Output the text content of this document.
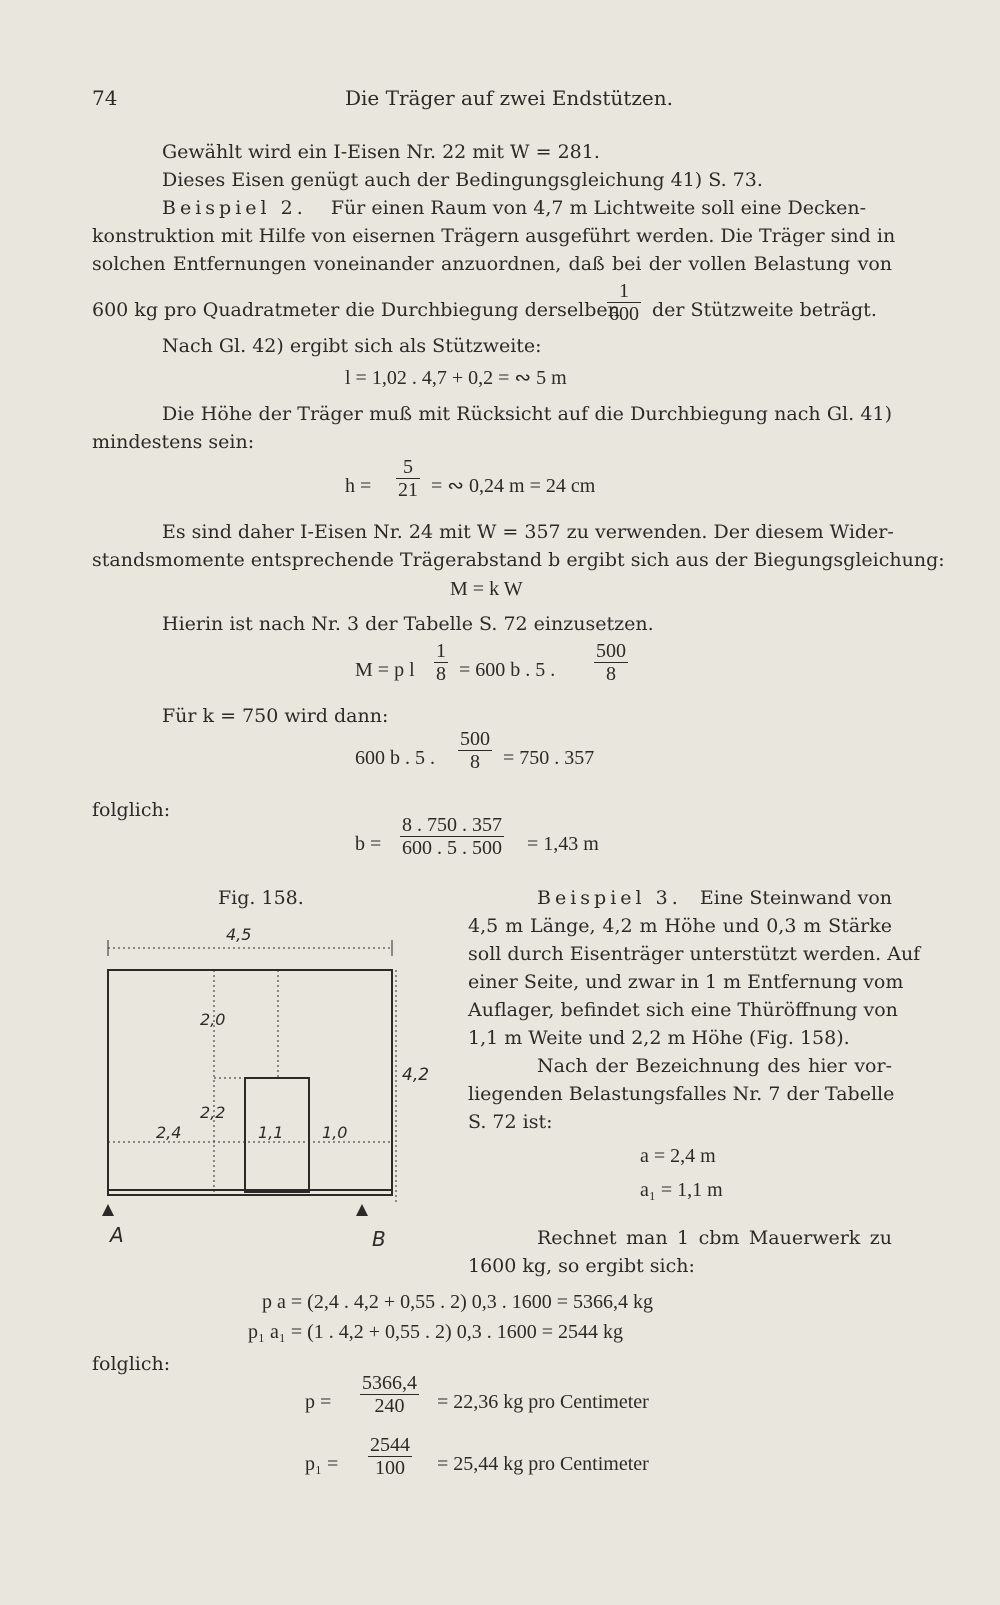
74	Die Träger auf zwei Endstützen.
Gewählt wird ein I-Eisen Nr. 22 mit W = 281.
Dieses Eisen genügt auch der Bedingungsgleichung 41) S. 73.
Beispiel 2. Für einen Raum von 4,7 m Lichtweite soll eine Decken-
konstruktion mit Hilfe von eisernen Trägern ausgeführt werden. Die Träger sind in
solchen Entfernungen voneinander anzuordnen, daß bei der vollen Belastung von
600 kg pro Quadratmeter die Durchbiegung derselben
$\frac{1}{600}$ der Stützweite beträgt.
Nach Gl. 42) ergibt sich als Stützweite:
l = 1,02 . 4,7 + 0,2 = ∾ 5 m
Die Höhe der Träger muß mit Rücksicht auf die Durchbiegung nach Gl. 41)
mindestens sein:
$h = \frac{5}{21}$ = ∾ 0,24 m = 24 cm
Es sind daher I-Eisen Nr. 24 mit W = 357 zu verwenden. Der diesem Wider-
standsmomente entsprechende Trägerabstand b ergibt sich aus der Biegungsgleichung:
M = k W
Hierin ist nach Nr. 3 der Tabelle S. 72 einzusetzen.
M = p l $\frac{1}{8} = 600$ b . 5 . $\frac{500}{8}$
Für k = 750 wird dann:
600 b . 5 . $\frac{500}{8} = 750$ . 357
folglich:
$b = \frac{8 . 750 . 357}{600 . 5 . 500} = 1,43$ m
Fig. 158.
4,5
4,2
2,0
2,2
2,4	1,1 1,0
A	B
Beispiel 3. Eine Steinwand von
4,5 m Länge, 4,2 m Höhe und 0,3 m Stärke
soll durch Eisenträger unterstützt werden. Auf
einer Seite, und zwar in 1 m Entfernung vom
Auflager, befindet sich eine Thüröffnung von
1,1 m Weite und 2,2 m Höhe (Fig. 158).
Nach der Bezeichnung des hier vor-
liegenden Belastungsfalles Nr. 7 der Tabelle
S. 72 ist:
a = 2,4 m
a₁ = 1,1 m
Rechnet man 1 cbm Mauerwerk zu
1600 kg, so ergibt sich:
p a = (2,4 . 4,2 + 0,55 . 2) 0,3 . 1600 = 5366,4 kg
p₁ a₁ = (1 . 4,2 + 0,55 . 2) 0,3 . 1600 = 2544 kg
folglich:
$p = \frac{5366,4}{240} = 22,36$ kg pro Centimeter
$p_1 = \frac{2544}{100} = 25,44$ kg pro Centimeter
